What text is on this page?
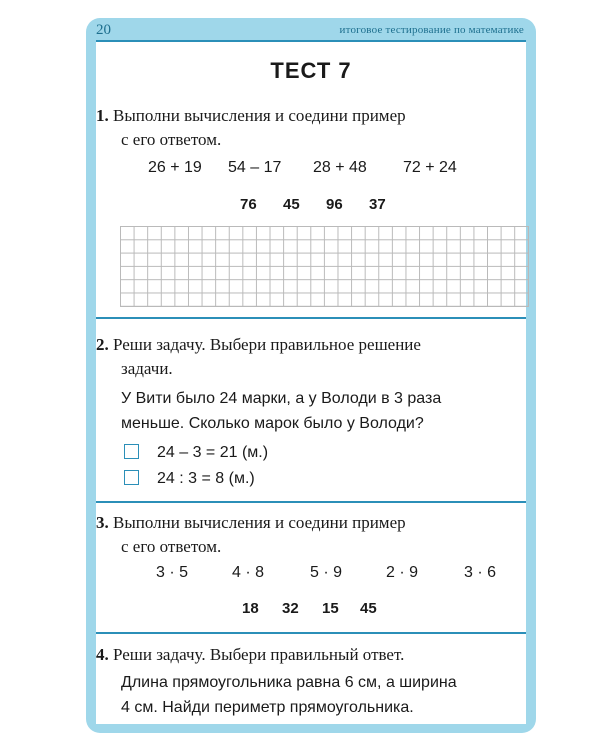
20	итоговое тестирование по математике
ТЕСТ 7
1. Выполни вычисления и соедини пример
с его ответом.
26 + 19 54 – 17 28 + 48 72 + 24
76 45 96 37
2. Реши задачу. Выбери правильное решение
задачи.
У Вити было 24 марки, а у Володи в 3 раза
меньше. Сколько марок было у Володи?
24 – 3 = 21 (м.)
24 : 3 = 8 (м.)
3. Выполни вычисления и соедини пример
с его ответом.
3 · 5	4 · 8	5 · 9	2 · 9	3 · 6
18 32 15 45
4. Реши задачу. Выбери правильный ответ.
Длина прямоугольника равна 6 см, а ширина
4 см. Найди периметр прямоугольника.
